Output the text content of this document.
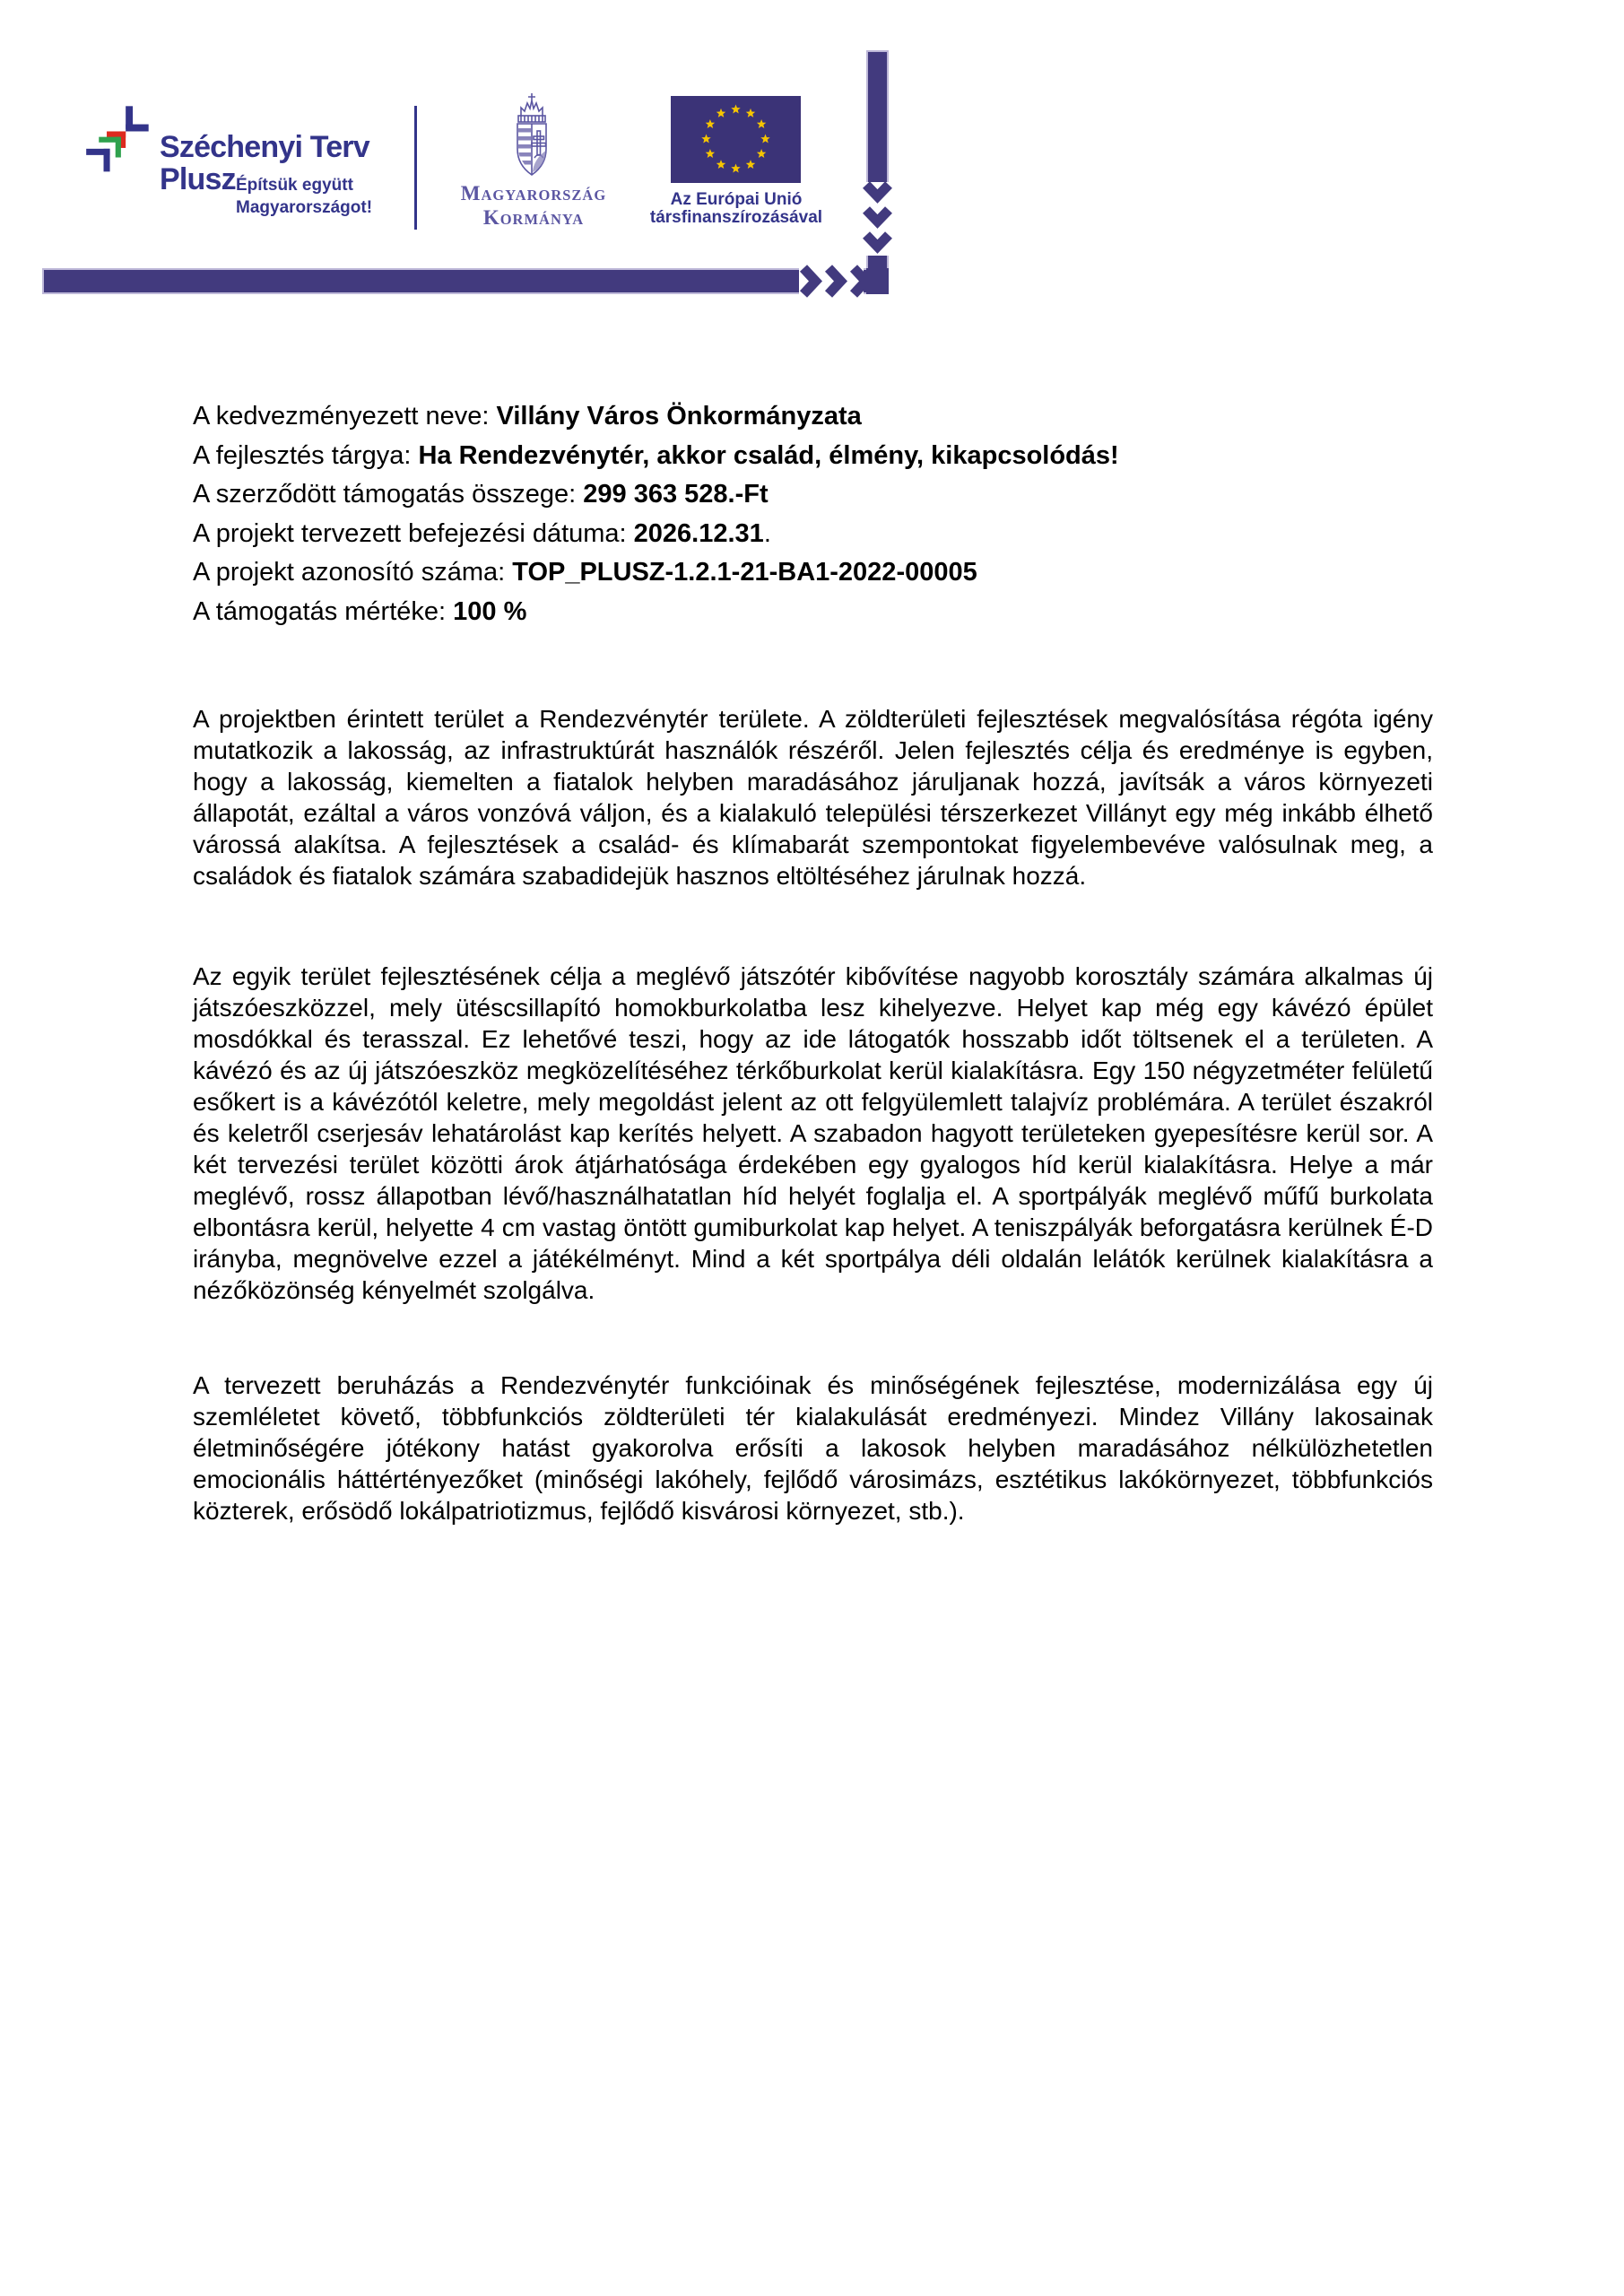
Széchenyi Terv
Plusz Építsük együtt
Magyarországot!
MAGYARORSZÁG
KORMÁNYA
Az Európai Unió
társfinanszírozásával
A kedvezményezett neve: Villány Város Önkormányzata
A fejlesztés tárgya: Ha Rendezvénytér, akkor család, élmény, kikapcsolódás!
A szerződött támogatás összege: 299 363 528.-Ft
A projekt tervezett befejezési dátuma: 2026.12.31.
A projekt azonosító száma: TOP_PLUSZ-1.2.1-21-BA1-2022-00005
A támogatás mértéke: 100 %

A projektben érintett terület a Rendezvénytér területe. A zöldterületi fejlesztések megvalósítása régóta igény mutatkozik a lakosság, az infrastruktúrát használók részéről. Jelen fejlesztés célja és eredménye is egyben, hogy a lakosság, kiemelten a fiatalok helyben maradásához járuljanak hozzá, javítsák a város környezeti állapotát, ezáltal a város vonzóvá váljon, és a kialakuló települési térszerkezet Villányt egy még inkább élhető várossá alakítsa. A fejlesztések a család- és klímabarát szempontokat figyelembevéve valósulnak meg, a családok és fiatalok számára szabadidejük hasznos eltöltéséhez járulnak hozzá.

Az egyik terület fejlesztésének célja a meglévő játszótér kibővítése nagyobb korosztály számára alkalmas új játszóeszközzel, mely ütéscsillapító homokburkolatba lesz kihelyezve. Helyet kap még egy kávézó épület mosdókkal és terasszal. Ez lehetővé teszi, hogy az ide látogatók hosszabb időt töltsenek el a területen. A kávézó és az új játszóeszköz megközelítéséhez térkőburkolat kerül kialakításra. Egy 150 négyzetméter felületű esőkert is a kávézótól keletre, mely megoldást jelent az ott felgyülemlett talajvíz problémára. A terület északról és keletről cserjesáv lehatárolást kap kerítés helyett. A szabadon hagyott területeken gyepesítésre kerül sor. A két tervezési terület közötti árok átjárhatósága érdekében egy gyalogos híd kerül kialakításra. Helye a már meglévő, rossz állapotban lévő/használhatatlan híd helyét foglalja el. A sportpályák meglévő műfű burkolata elbontásra kerül, helyette 4 cm vastag öntött gumiburkolat kap helyet. A teniszpályák beforgatásra kerülnek É-D irányba, megnövelve ezzel a játékélményt. Mind a két sportpálya déli oldalán lelátók kerülnek kialakításra a nézőközönség kényelmét szolgálva.

A tervezett beruházás a Rendezvénytér funkcióinak és minőségének fejlesztése, modernizálása egy új szemléletet követő, többfunkciós zöldterületi tér kialakulását eredményezi. Mindez Villány lakosainak életminőségére jótékony hatást gyakorolva erősíti a lakosok helyben maradásához nélkülözhetetlen emocionális háttértényezőket (minőségi lakóhely, fejlődő városimázs, esztétikus lakókörnyezet, többfunkciós közterek, erősödő lokálpatriotizmus, fejlődő kisvárosi környezet, stb.).
